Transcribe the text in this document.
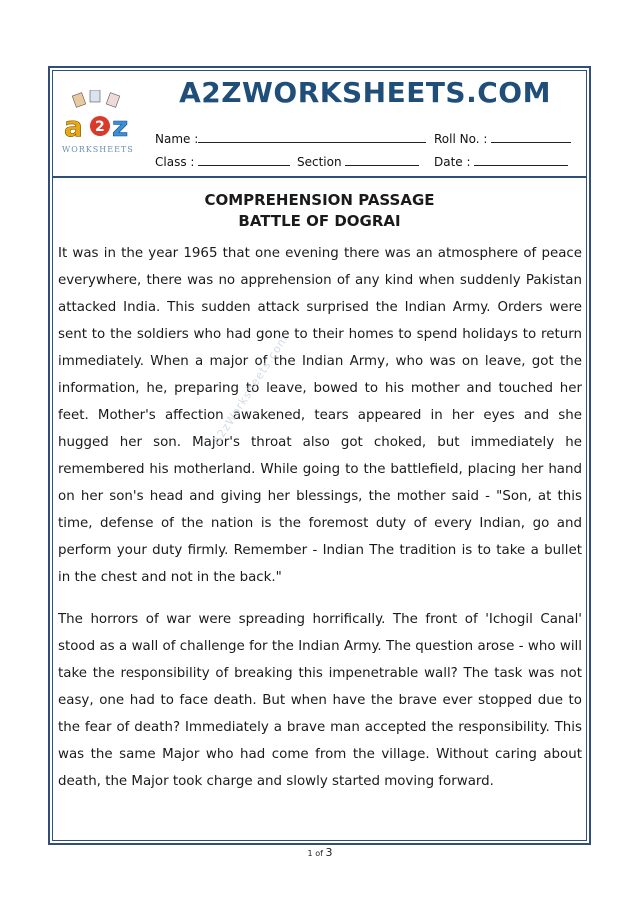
a 2 z
WORKSHEETS
A2ZWORKSHEETS.COM
Name :	Roll No. :
Class :	Section	Date :
COMPREHENSION PASSAGE
BATTLE OF DOGRAI

It was in the year 1965 that one evening there was an atmosphere of peace everywhere, there was no apprehension of any kind when suddenly Pakistan attacked India. This sudden attack surprised the Indian Army. Orders were sent to the soldiers who had gone to their homes to spend holidays to return immediately. When a major of the Indian Army, who was on leave, got the information, he, preparing to leave, bowed to his mother and touched her feet. Mother's affection awakened, tears appeared in her eyes and she hugged her son. Major's throat also got choked, but immediately he remembered his motherland. While going to the battlefield, placing her hand on her son's head and giving her blessings, the mother said - "Son, at this time, defense of the nation is the foremost duty of every Indian, go and perform your duty firmly. Remember - Indian The tradition is to take a bullet in the chest and not in the back."

The horrors of war were spreading horrifically. The front of 'Ichogil Canal' stood as a wall of challenge for the Indian Army. The question arose - who will take the responsibility of breaking this impenetrable wall? The task was not easy, one had to face death. But when have the brave ever stopped due to the fear of death? Immediately a brave man accepted the responsibility. This was the same Major who had come from the village. Without caring about death, the Major took charge and slowly started moving forward.

A2zWorksheets.com
1 of 3
